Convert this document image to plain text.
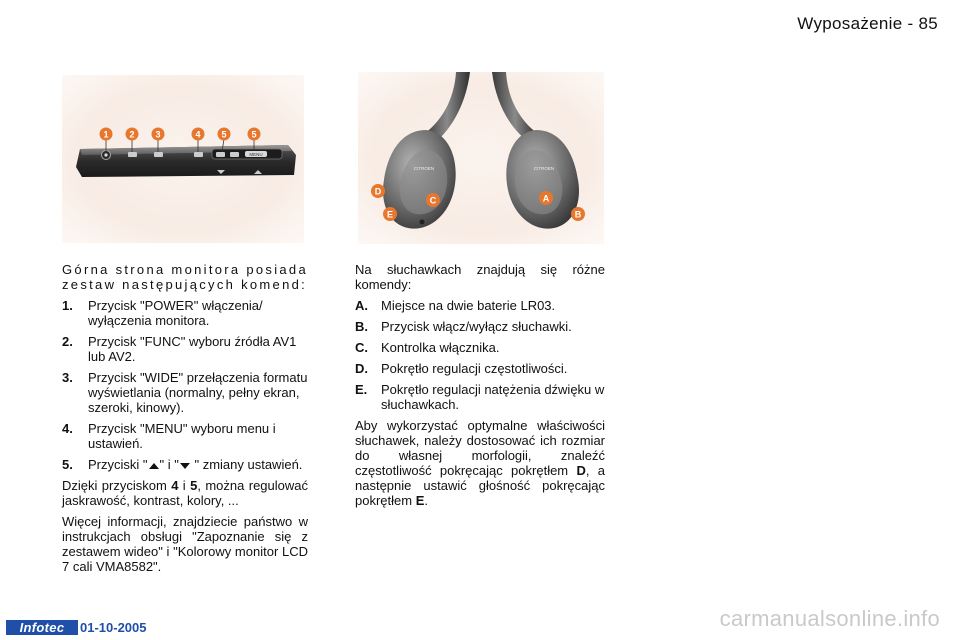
Wyposażenie - 85
MENU
1 2 3	4 5	5
CITROEN	CITROEN
D
E
C	A
B

Górna strona monitora posiada zestaw następujących komend:

1.	Przycisk "POWER" włączenia/ wyłączenia monitora.
2.	Przycisk "FUNC" wyboru źródła AV1 lub AV2.
3.	Przycisk "WIDE" przełączenia formatu wyświetlania (normalny, pełny ekran, szeroki, kinowy).
4.	Przycisk "MENU" wyboru menu i ustawień.
5.	Przyciski " " i " " zmiany ustawień.

Dzięki przyciskom 4 i 5, można regulować jaskrawość, kontrast, kolory, ...

Więcej informacji, znajdziecie państwo w instrukcjach obsługi "Zapoznanie się z zestawem wideo" i "Kolorowy monitor LCD 7 cali VMA8582".

Na słuchawkach znajdują się różne komendy:

A.	Miejsce na dwie baterie LR03.
B.	Przycisk włącz/wyłącz słuchawki.
C.	Kontrolka włącznika.
D.	Pokrętło regulacji częstotliwości.
E.	Pokrętło regulacji natężenia dźwięku w słuchawkach.

Aby wykorzystać optymalne właściwości słuchawek, należy dostosować ich rozmiar do własnej morfologii, znaleźć częstotliwość pokręcając pokrętłem D, a następnie ustawić głośność pokręcając pokrętłem E.

Infotec	01-10-2005	carmanualsonline.info
